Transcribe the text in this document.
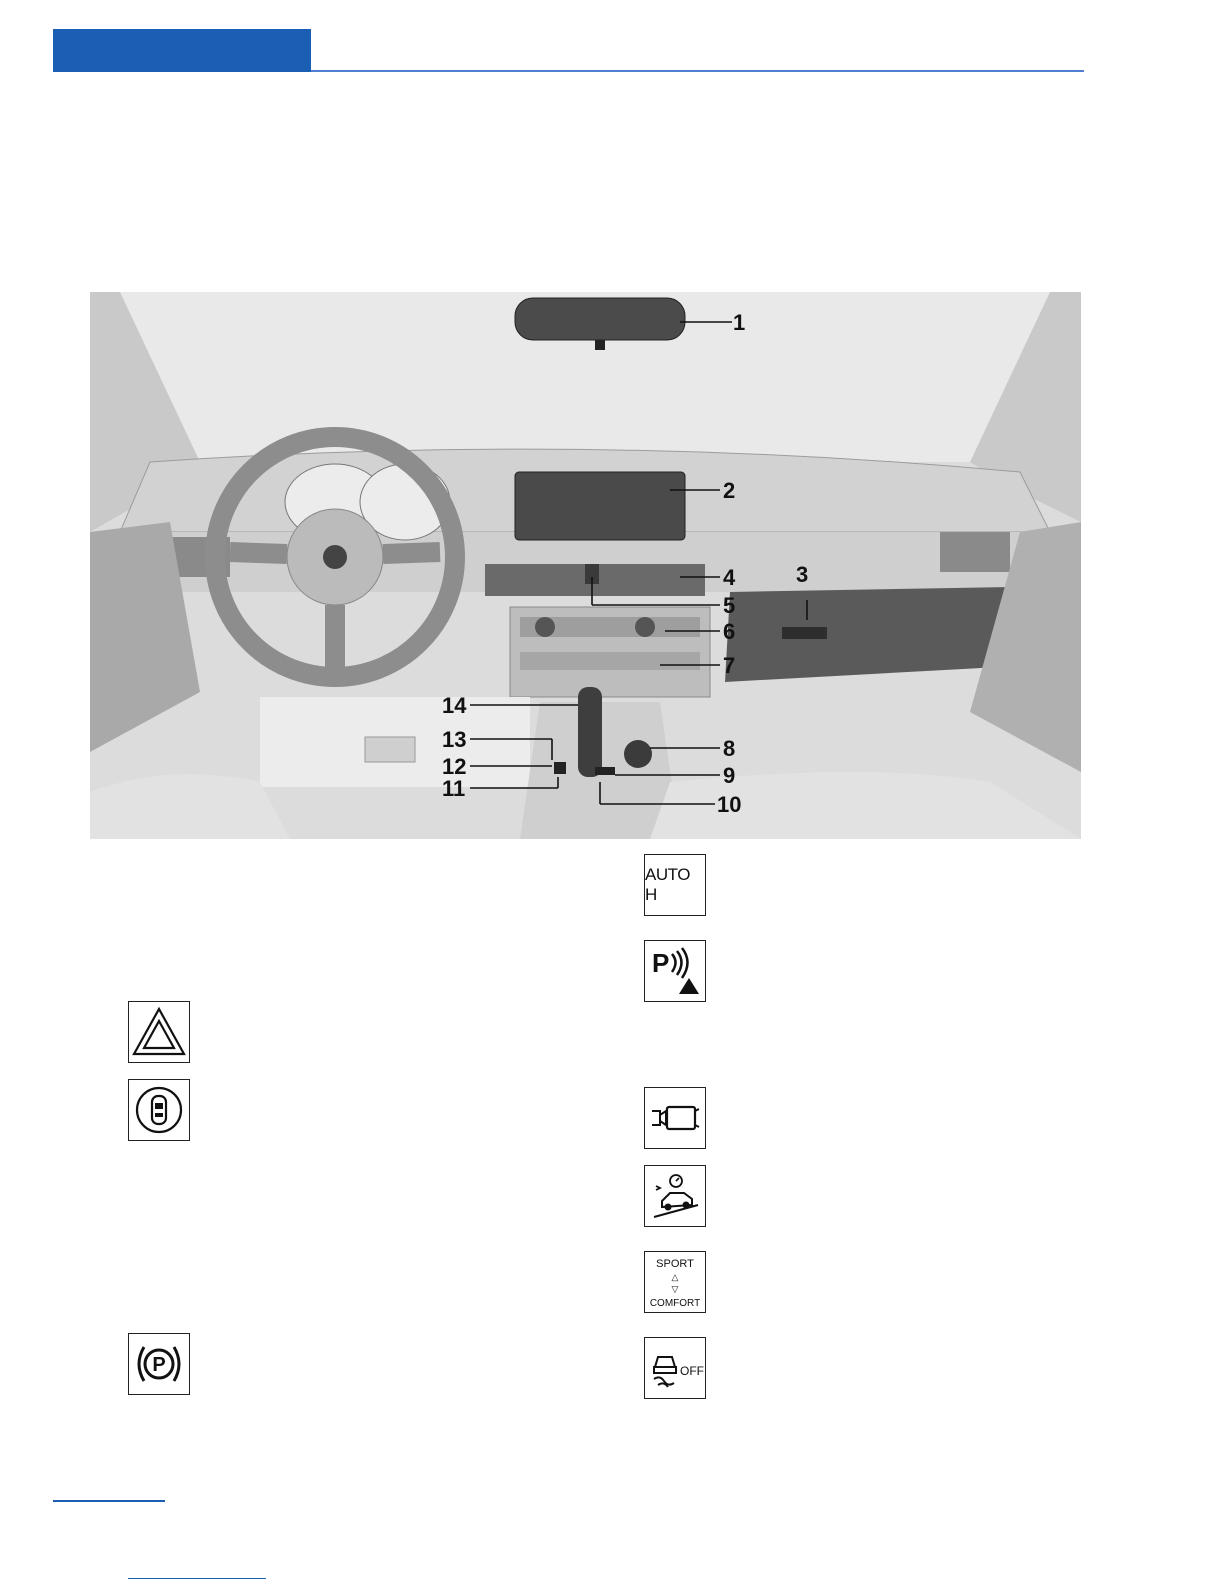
1
2
3
4
5
6
7
8
9
10
11
12
13
14
AUTO H
P
SPORT
△
▽
COMFORT
OFF
P
